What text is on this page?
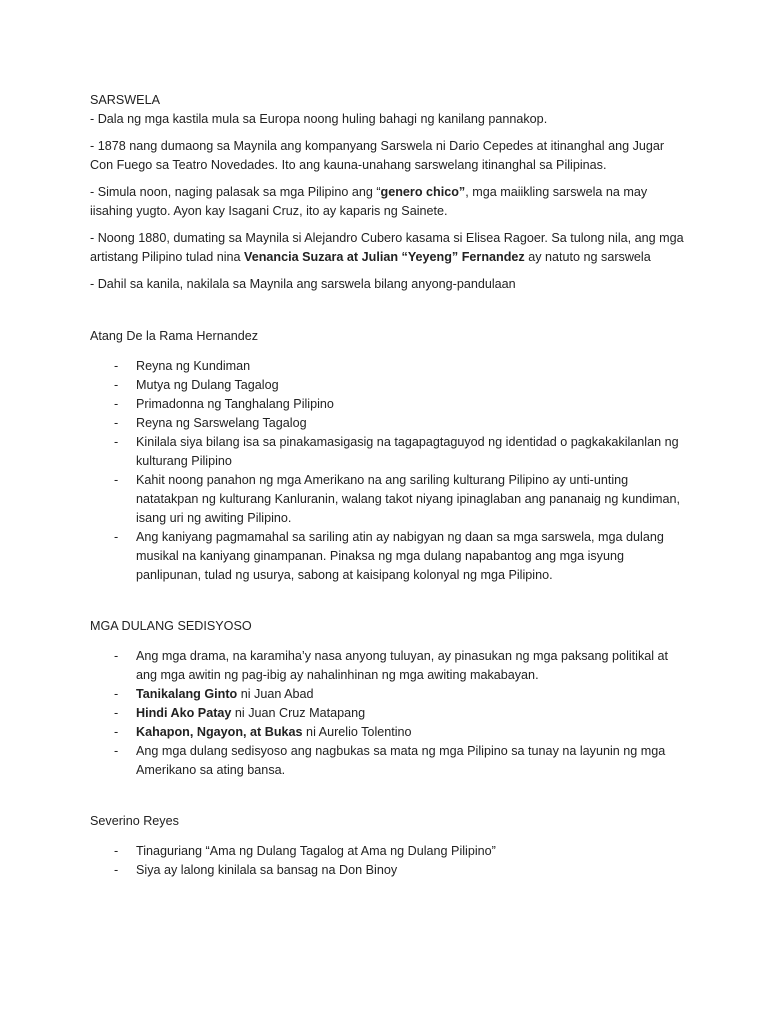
SARSWELA

- Dala ng mga kastila mula sa Europa noong huling bahagi ng kanilang pannakop.

- 1878 nang dumaong sa Maynila ang kompanyang Sarswela ni Dario Cepedes at itinanghal ang Jugar Con Fuego sa Teatro Novedades. Ito ang kauna-unahang sarswelang itinanghal sa Pilipinas.

- Simula noon, naging palasak sa mga Pilipino ang “genero chico”, mga maiikling sarswela na may iisahing yugto. Ayon kay Isagani Cruz, ito ay kaparis ng Sainete.

- Noong 1880, dumating sa Maynila si Alejandro Cubero kasama si Elisea Ragoer. Sa tulong nila, ang mga artistang Pilipino tulad nina Venancia Suzara at Julian “Yeyeng” Fernandez ay natuto ng sarswela

- Dahil sa kanila, nakilala sa Maynila ang sarswela bilang anyong-pandulaan

Atang De la Rama Hernandez

- Reyna ng Kundiman
- Mutya ng Dulang Tagalog
- Primadonna ng Tanghalang Pilipino
- Reyna ng Sarswelang Tagalog
- Kinilala siya bilang isa sa pinakamasigasig na tagapagtaguyod ng identidad o pagkakakilanlan ng kulturang Pilipino
- Kahit noong panahon ng mga Amerikano na ang sariling kulturang Pilipino ay unti-unting natatakpan ng kulturang Kanluranin, walang takot niyang ipinaglaban ang pananaig ng kundiman, isang uri ng awiting Pilipino.
- Ang kaniyang pagmamahal sa sariling atin ay nabigyan ng daan sa mga sarswela, mga dulang musikal na kaniyang ginampanan. Pinaksa ng mga dulang napabantog ang mga isyung panlipunan, tulad ng usurya, sabong at kaisipang kolonyal ng mga Pilipino.

MGA DULANG SEDISYOSO

- Ang mga drama, na karamiha’y nasa anyong tuluyan, ay pinasukan ng mga paksang politikal at ang mga awitin ng pag-ibig ay nahalinhinan ng mga awiting makabayan.
- Tanikalang Ginto ni Juan Abad
- Hindi Ako Patay ni Juan Cruz Matapang
- Kahapon, Ngayon, at Bukas ni Aurelio Tolentino
- Ang mga dulang sedisyoso ang nagbukas sa mata ng mga Pilipino sa tunay na layunin ng mga Amerikano sa ating bansa.

Severino Reyes

- Tinaguriang “Ama ng Dulang Tagalog at Ama ng Dulang Pilipino”
- Siya ay lalong kinilala sa bansag na Don Binoy
